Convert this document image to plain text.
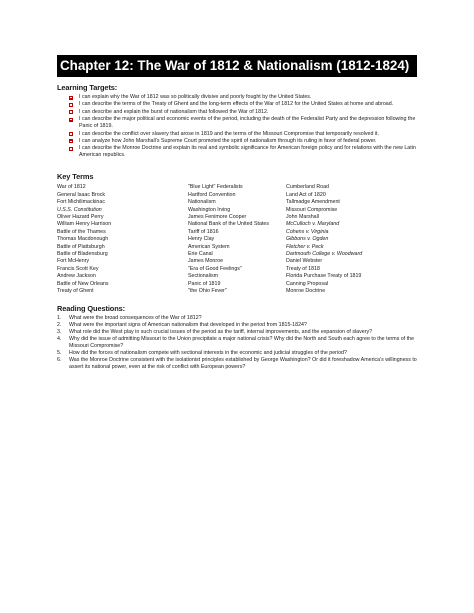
Chapter 12: The War of 1812 & Nationalism (1812-1824)
Learning Targets:
I can explain why the War of 1812 was so politically divisive and poorly fought by the United States.
I can describe the terms of the Treaty of Ghent and the long-term effects of the War of 1812 for the United States at home and abroad.
I can describe and explain the burst of nationalism that followed the War of 1812.
I can describe the major political and economic events of the period, including the death of the Federalist Party and the depression following the Panic of 1819.
I can describe the conflict over slavery that arose in 1819 and the terms of the Missouri Compromise that temporarily resolved it.
I can analyze how John Marshall's Supreme Court promoted the spirit of nationalism through its ruling in favor of federal power.
I can describe the Monroe Doctrine and explain its real and symbolic significance for American foreign policy and for relations with the new Latin American republics.
Key Terms
War of 1812
General Isaac Brock
Fort Michilimackinac
U.S.S. Constitution
Oliver Hazard Perry
William Henry Harrison
Battle of the Thames
Thomas Macdonough
Battle of Plattsburgh
Battle of Bladensburg
Fort McHenry
Francis Scott Key
Andrew Jackson
Battle of New Orleans
Treaty of Ghent
"Blue Light" Federalists
Hartford Convention
Nationalism
Washington Irving
James Fenimore Cooper
National Bank of the United States
Tariff of 1816
Henry Clay
American System
Erie Canal
James Monroe
"Era of Good Feelings"
Sectionalism
Panic of 1819
"the Ohio Fever"
Cumberland Road
Land Act of 1820
Tallmadge Amendment
Missouri Compromise
John Marshall
McCulloch v. Maryland
Cohens v. Virginia
Gibbons v. Ogden
Fletcher v. Peck
Dartmouth College v. Woodward
Daniel Webster
Treaty of 1818
Florida Purchase Treaty of 1819
Canning Proposal
Monroe Doctrine
Reading Questions:
1. What were the broad consequences of the War of 1812?
2. What were the important signs of American nationalism that developed in the period from 1815-1824?
3. What role did the West play in such crucial issues of the period as the tariff, internal improvements, and the expansion of slavery?
4. Why did the issue of admitting Missouri to the Union precipitate a major national crisis? Why did the North and South each agree to the terms of the Missouri Compromise?
5. How did the forces of nationalism compete with sectional interests in the economic and judicial struggles of the period?
6. Was the Monroe Doctrine consistent with the isolationist principles established by George Washington? Or did it foreshadow America's willingness to assert its national power, even at the risk of conflict with European powers?
